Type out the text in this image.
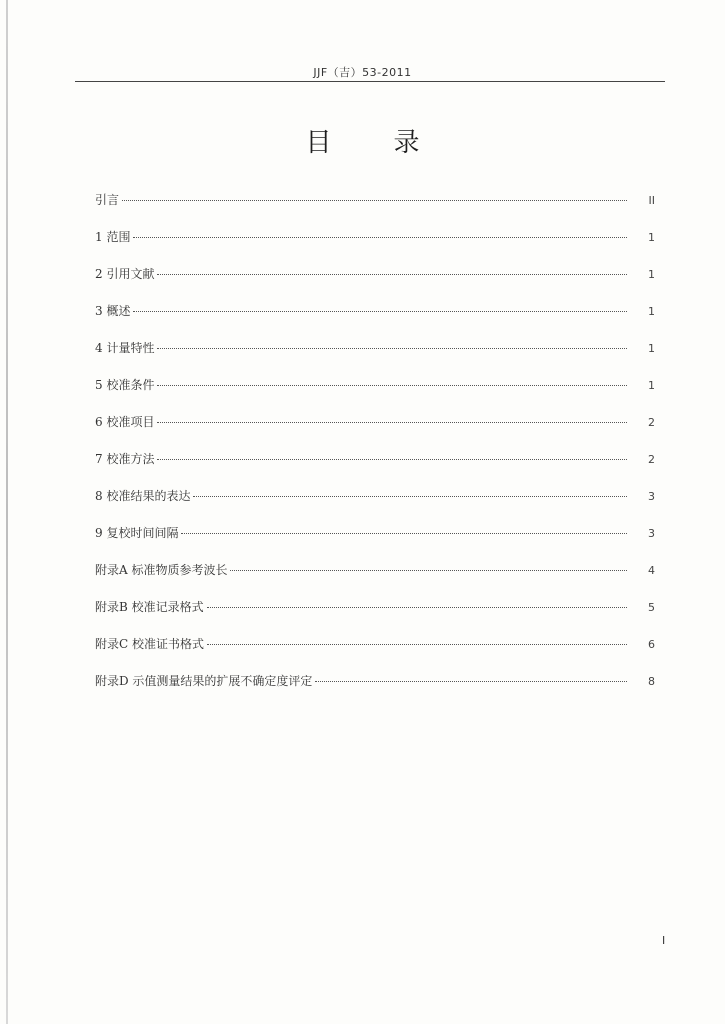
JJF（吉）53-2011
目录
引言	II
1 范围	1
2 引用文献	1
3 概述	1
4 计量特性	1
5 校准条件	1
6 校准项目	2
7 校准方法	2
8 校准结果的表达	3
9 复校时间间隔	3
附录A 标准物质参考波长	4
附录B 校准记录格式	5
附录C 校准证书格式	6
附录D 示值测量结果的扩展不确定度评定	8
I
